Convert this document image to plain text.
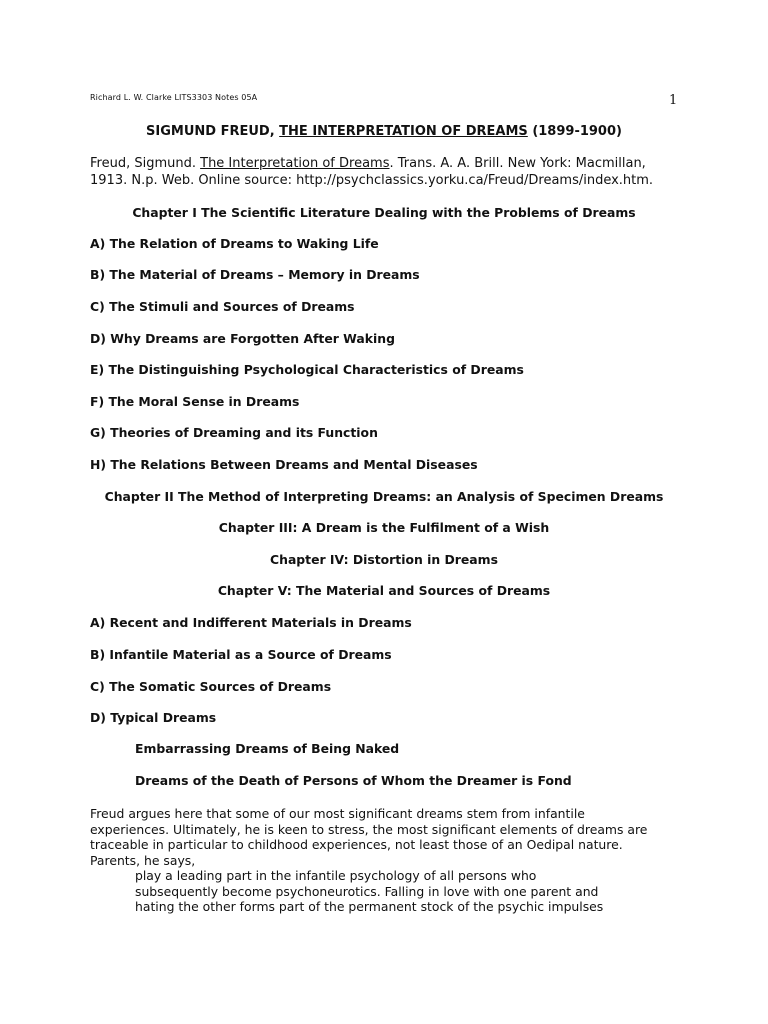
Richard L. W. Clarke LITS3303 Notes 05A	1
SIGMUND FREUD, THE INTERPRETATION OF DREAMS (1899-1900)
Freud, Sigmund. The Interpretation of Dreams. Trans. A. A. Brill. New York: Macmillan,
1913. N.p. Web. Online source: http://psychclassics.yorku.ca/Freud/Dreams/index.htm.
Chapter I The Scientific Literature Dealing with the Problems of Dreams
A) The Relation of Dreams to Waking Life
B) The Material of Dreams – Memory in Dreams
C) The Stimuli and Sources of Dreams
D) Why Dreams are Forgotten After Waking
E) The Distinguishing Psychological Characteristics of Dreams
F) The Moral Sense in Dreams
G) Theories of Dreaming and its Function
H) The Relations Between Dreams and Mental Diseases
Chapter II The Method of Interpreting Dreams: an Analysis of Specimen Dreams
Chapter III: A Dream is the Fulfilment of a Wish
Chapter IV: Distortion in Dreams
Chapter V: The Material and Sources of Dreams
A) Recent and Indifferent Materials in Dreams
B) Infantile Material as a Source of Dreams
C) The Somatic Sources of Dreams
D) Typical Dreams
Embarrassing Dreams of Being Naked
Dreams of the Death of Persons of Whom the Dreamer is Fond
Freud argues here that some of our most significant dreams stem from infantile
experiences. Ultimately, he is keen to stress, the most significant elements of dreams are
traceable in particular to childhood experiences, not least those of an Oedipal nature.
Parents, he says,
play a leading part in the infantile psychology of all persons who
subsequently become psychoneurotics. Falling in love with one parent and
hating the other forms part of the permanent stock of the psychic impulses
